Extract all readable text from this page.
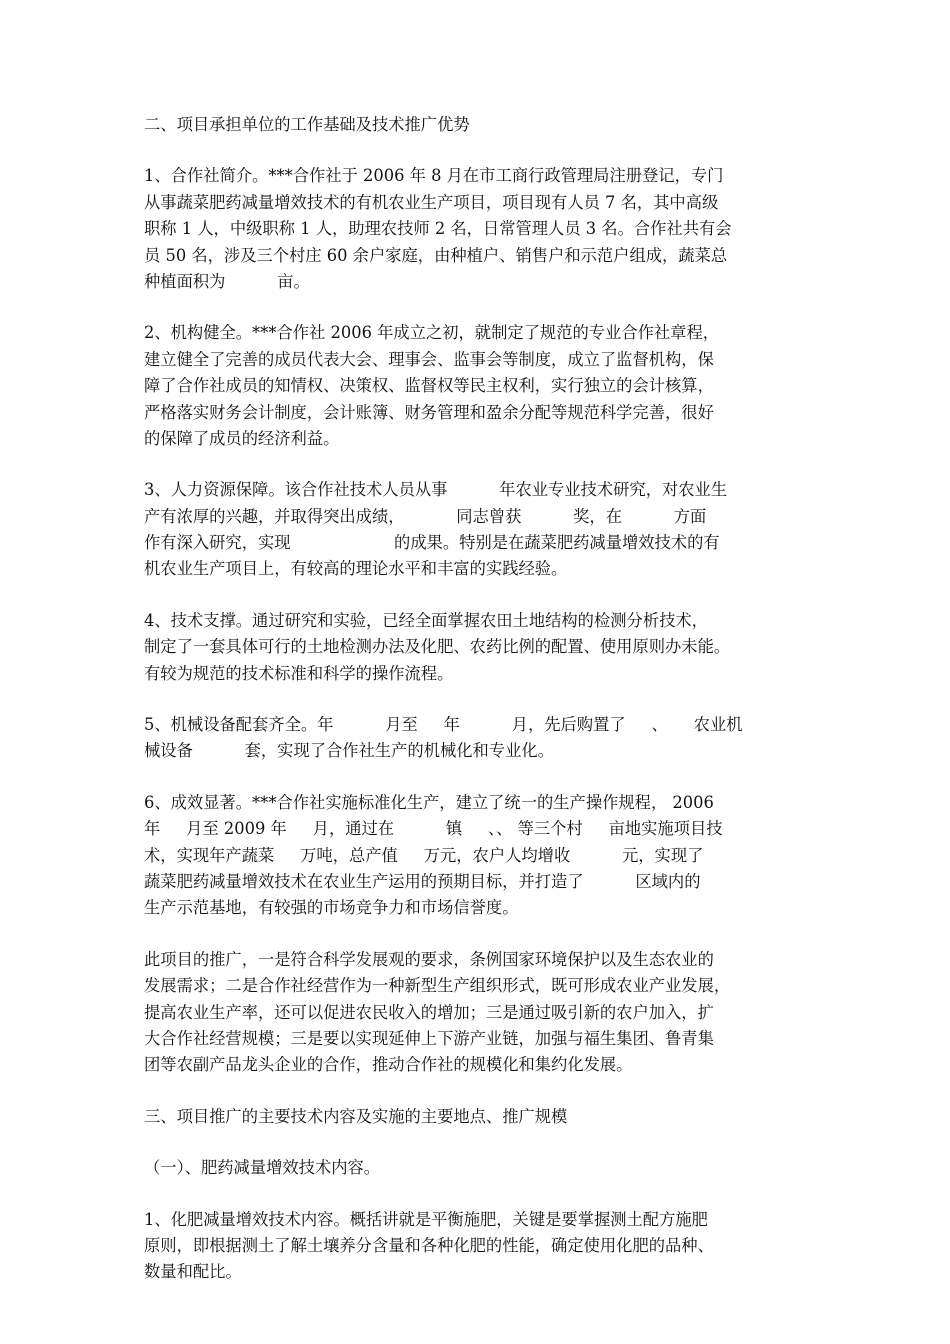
二、项目承担单位的工作基础及技术推广优势
1、合作社简介。***合作社于 2006 年 8 月在市工商行政管理局注册登记，专门
从事蔬菜肥药减量增效技术的有机农业生产项目，项目现有人员 7 名，其中高级
职称 1 人，中级职称 1 人，助理农技师 2 名，日常管理人员 3 名。合作社共有会
员 50 名，涉及三个村庄 60 余户家庭，由种植户、销售户和示范户组成，蔬菜总
种植面积为          亩。
2、机构健全。***合作社 2006 年成立之初，就制定了规范的专业合作社章程，
建立健全了完善的成员代表大会、理事会、监事会等制度，成立了监督机构，保
障了合作社成员的知情权、决策权、监督权等民主权利，实行独立的会计核算，
严格落实财务会计制度，会计账簿、财务管理和盈余分配等规范科学完善，很好
的保障了成员的经济利益。
3、人力资源保障。该合作社技术人员从事          年农业专业技术研究，对农业生
产有浓厚的兴趣，并取得突出成绩，          同志曾获          奖，在          方面
作有深入研究，实现                    的成果。特别是在蔬菜肥药减量增效技术的有
机农业生产项目上，有较高的理论水平和丰富的实践经验。
4、技术支撑。通过研究和实验，已经全面掌握农田土地结构的检测分析技术，
制定了一套具体可行的土地检测办法及化肥、农药比例的配置、使用原则办未能。
有较为规范的技术标准和科学的操作流程。
5、机械设备配套齐全。年          月至     年          月，先后购置了     、     农业机
械设备          套，实现了合作社生产的机械化和专业化。
6、成效显著。***合作社实施标准化生产，建立了统一的生产操作规程， 2006
年     月至 2009 年     月，通过在          镇     、、 等三个村     亩地实施项目技
术，实现年产蔬菜     万吨，总产值     万元，农户人均增收          元，实现了
蔬菜肥药减量增效技术在农业生产运用的预期目标，并打造了          区域内的
生产示范基地，有较强的市场竞争力和市场信誉度。
此项目的推广，一是符合科学发展观的要求，条例国家环境保护以及生态农业的
发展需求；二是合作社经营作为一种新型生产组织形式，既可形成农业产业发展，
提高农业生产率，还可以促进农民收入的增加；三是通过吸引新的农户加入，扩
大合作社经营规模；三是要以实现延伸上下游产业链，加强与福生集团、鲁青集
团等农副产品龙头企业的合作，推动合作社的规模化和集约化发展。
三、项目推广的主要技术内容及实施的主要地点、推广规模
（一）、肥药减量增效技术内容。
1、化肥减量增效技术内容。概括讲就是平衡施肥，关键是要掌握测土配方施肥
原则，即根据测土了解土壤养分含量和各种化肥的性能，确定使用化肥的品种、
数量和配比。
